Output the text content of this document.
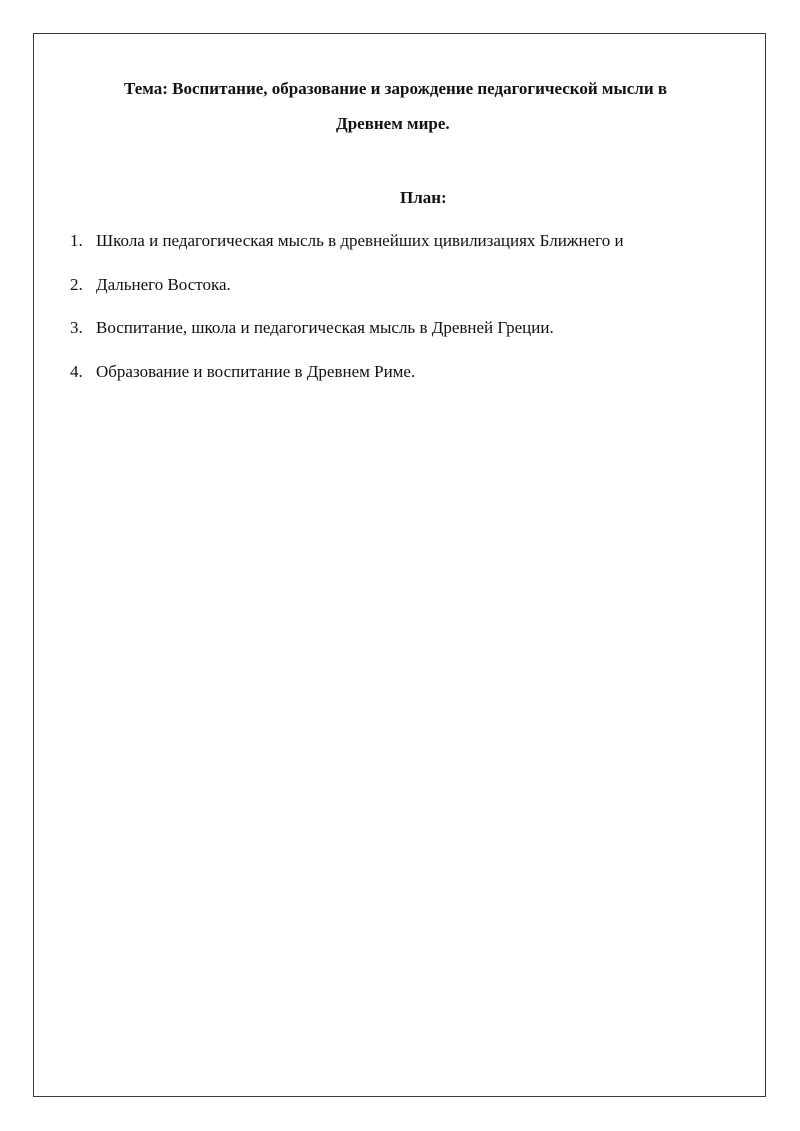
Тема: Воспитание, образование и зарождение педагогической мысли в
Древнем мире.
План:
1. Школа и педагогическая мысль в древнейших цивилизациях Ближнего и
2. Дальнего Востока.
3. Воспитание, школа и педагогическая мысль в Древней Греции.
4. Образование и воспитание в Древнем Риме.
